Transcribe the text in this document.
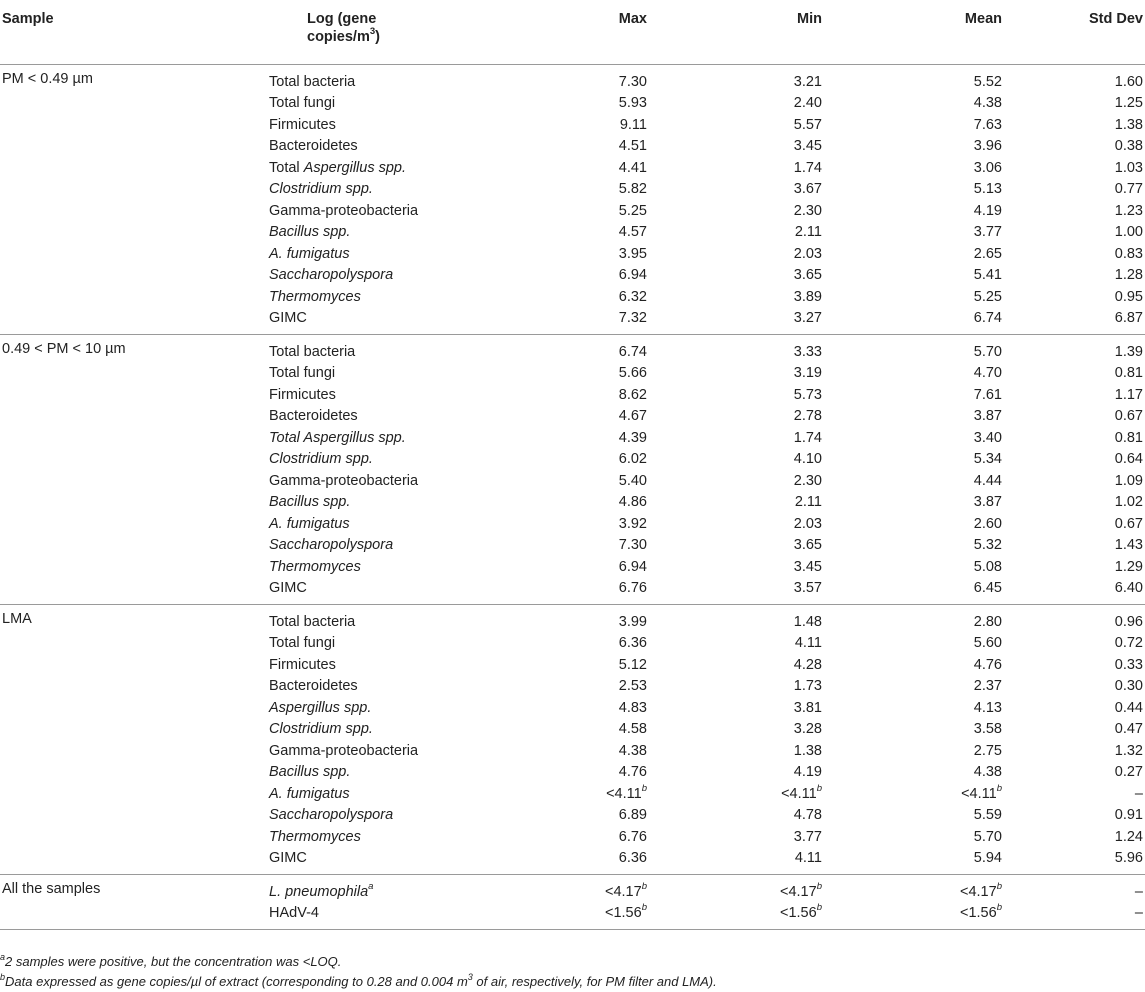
Sample	Log (gene
copies/$m^3$)	Max	Min	Mean	Std Dev
PM < 0.49 µm	Total bacteria	7.30	3.21	5.52	1.60
	Total fungi	5.93	2.40	4.38	1.25
	Firmicutes	9.11	5.57	7.63	1.38
	Bacteroidetes	4.51	3.45	3.96	0.38
	Total Aspergillus spp.	4.41	1.74	3.06	1.03
	Clostridium spp.	5.82	3.67	5.13	0.77
	Gamma-proteobacteria	5.25	2.30	4.19	1.23
	Bacillus spp.	4.57	2.11	3.77	1.00
	A. fumigatus	3.95	2.03	2.65	0.83
	Saccharopolyspora	6.94	3.65	5.41	1.28
	Thermomyces	6.32	3.89	5.25	0.95
	GIMC	7.32	3.27	6.74	6.87
0.49 < PM < 10 µm	Total bacteria	6.74	3.33	5.70	1.39
	Total fungi	5.66	3.19	4.70	0.81
	Firmicutes	8.62	5.73	7.61	1.17
	Bacteroidetes	4.67	2.78	3.87	0.67
	Total Aspergillus spp.	4.39	1.74	3.40	0.81
	Clostridium spp.	6.02	4.10	5.34	0.64
	Gamma-proteobacteria	5.40	2.30	4.44	1.09
	Bacillus spp.	4.86	2.11	3.87	1.02
	A. fumigatus	3.92	2.03	2.60	0.67
	Saccharopolyspora	7.30	3.65	5.32	1.43
	Thermomyces	6.94	3.45	5.08	1.29
	GIMC	6.76	3.57	6.45	6.40
LMA	Total bacteria	3.99	1.48	2.80	0.96
	Total fungi	6.36	4.11	5.60	0.72
	Firmicutes	5.12	4.28	4.76	0.33
	Bacteroidetes	2.53	1.73	2.37	0.30
	Aspergillus spp.	4.83	3.81	4.13	0.44
	Clostridium spp.	4.58	3.28	3.58	0.47
	Gamma-proteobacteria	4.38	1.38	2.75	1.32
	Bacillus spp.	4.76	4.19	4.38	0.27
	A. fumigatus	<4.11$^b$	<4.11$^b$	<4.11$^b$	–
	Saccharopolyspora	6.89	4.78	5.59	0.91
	Thermomyces	6.76	3.77	5.70	1.24
	GIMC	6.36	4.11	5.94	5.96
All the samples	L. pneumophila$^a$	<4.17$^b$	<4.17$^b$	<4.17$^b$	–
	HAdV-4	<1.56$^b$	<1.56$^b$	<1.56$^b$	–
$^a$2 samples were positive, but the concentration was <LOQ.
$^b$Data expressed as gene copies/µl of extract (corresponding to 0.28 and 0.004 $m^3$ of air, respectively, for PM filter and LMA).
